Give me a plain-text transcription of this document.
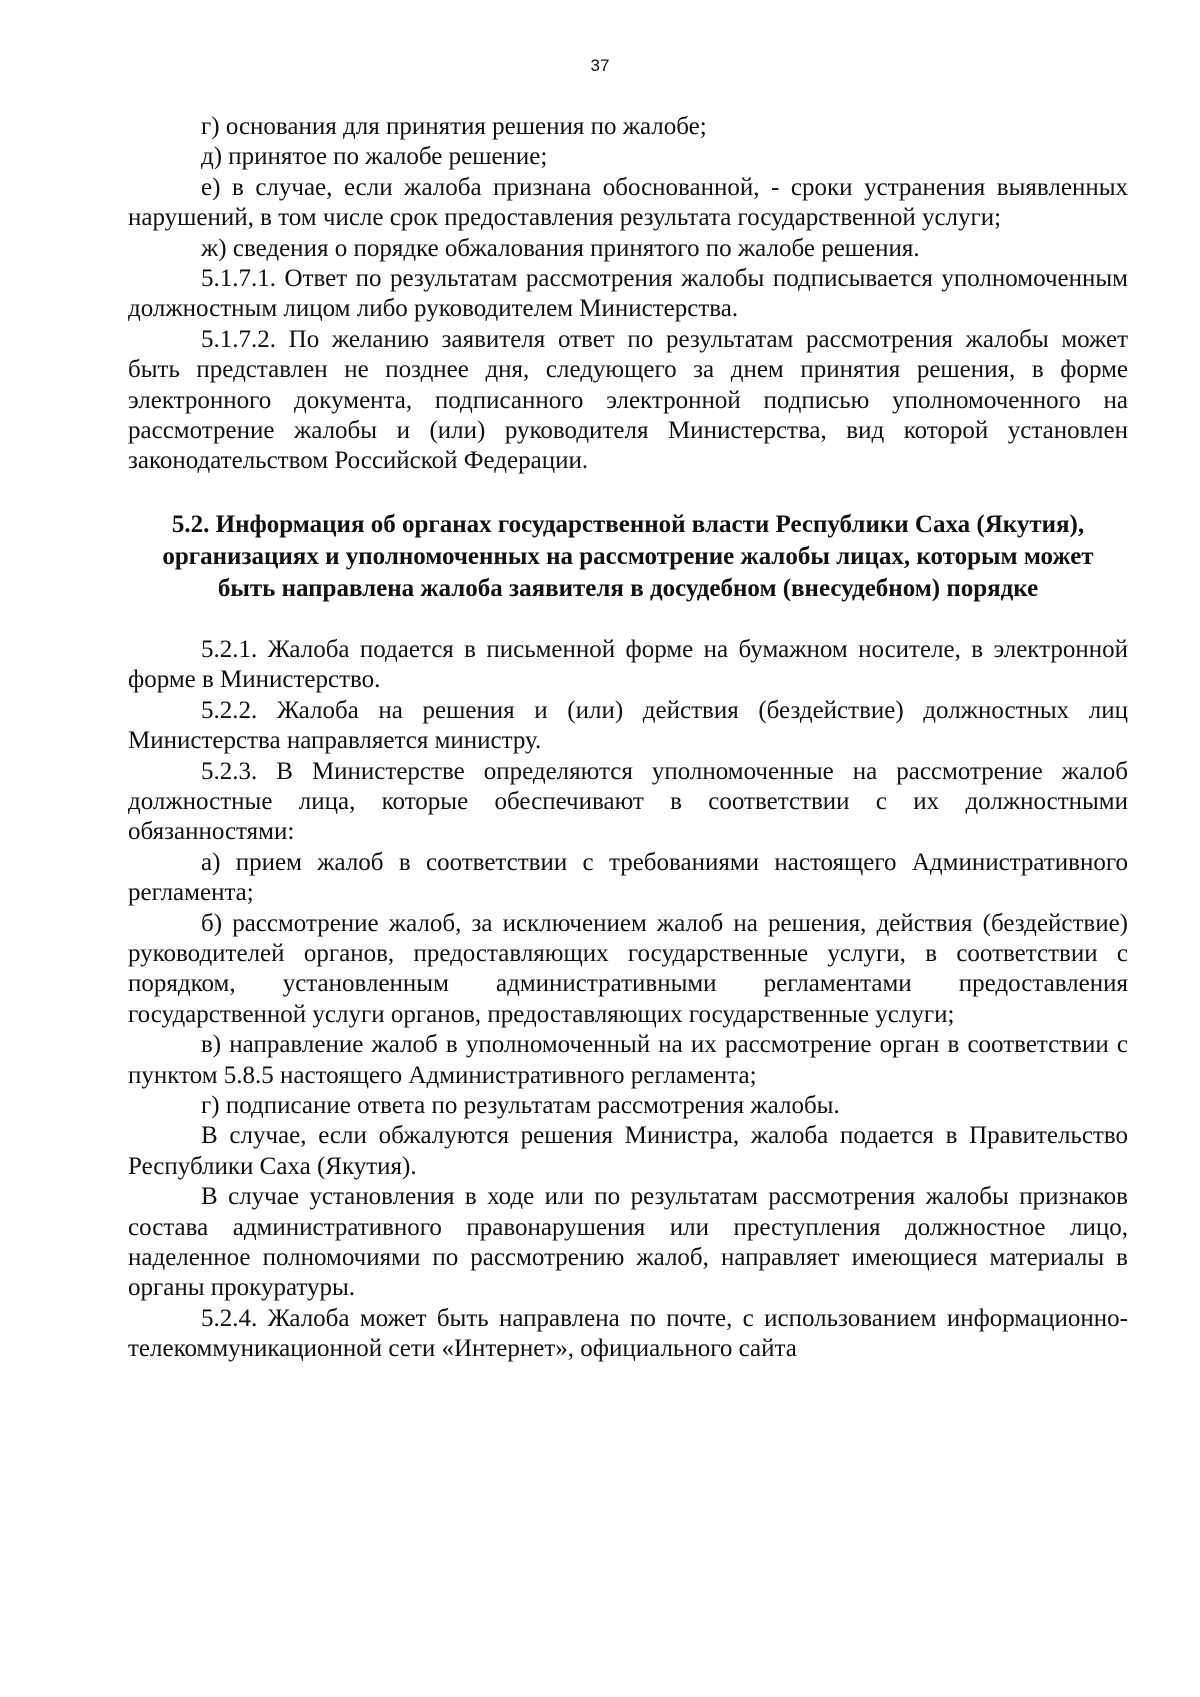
37

г) основания для принятия решения по жалобе;

д) принятое по жалобе решение;

е) в случае, если жалоба признана обоснованной, - сроки устранения выявленных нарушений, в том числе срок предоставления результата государственной услуги;

ж) сведения о порядке обжалования принятого по жалобе решения.

5.1.7.1. Ответ по результатам рассмотрения жалобы подписывается уполномоченным должностным лицом либо руководителем Министерства.

5.1.7.2. По желанию заявителя ответ по результатам рассмотрения жалобы может быть представлен не позднее дня, следующего за днем принятия решения, в форме электронного документа, подписанного электронной подписью уполномоченного на рассмотрение жалобы и (или) руководителя Министерства, вид которой установлен законодательством Российской Федерации.

5.2. Информация об органах государственной власти Республики Саха (Якутия), организациях и уполномоченных на рассмотрение жалобы лицах, которым может быть направлена жалоба заявителя в досудебном (внесудебном) порядке

5.2.1. Жалоба подается в письменной форме на бумажном носителе, в электронной форме в Министерство.

5.2.2. Жалоба на решения и (или) действия (бездействие) должностных лиц Министерства направляется министру.

5.2.3. В Министерстве определяются уполномоченные на рассмотрение жалоб должностные лица, которые обеспечивают в соответствии с их должностными обязанностями:

а) прием жалоб в соответствии с требованиями настоящего Административного регламента;

б) рассмотрение жалоб, за исключением жалоб на решения, действия (бездействие) руководителей органов, предоставляющих государственные услуги, в соответствии с порядком, установленным административными регламентами предоставления государственной услуги органов, предоставляющих государственные услуги;

в) направление жалоб в уполномоченный на их рассмотрение орган в соответствии с пунктом 5.8.5 настоящего Административного регламента;

г) подписание ответа по результатам рассмотрения жалобы.

В случае, если обжалуются решения Министра, жалоба подается в Правительство Республики Саха (Якутия).

В случае установления в ходе или по результатам рассмотрения жалобы признаков состава административного правонарушения или преступления должностное лицо, наделенное полномочиями по рассмотрению жалоб, направляет имеющиеся материалы в органы прокуратуры.

5.2.4. Жалоба может быть направлена по почте, с использованием информационно-телекоммуникационной сети «Интернет», официального сайта
